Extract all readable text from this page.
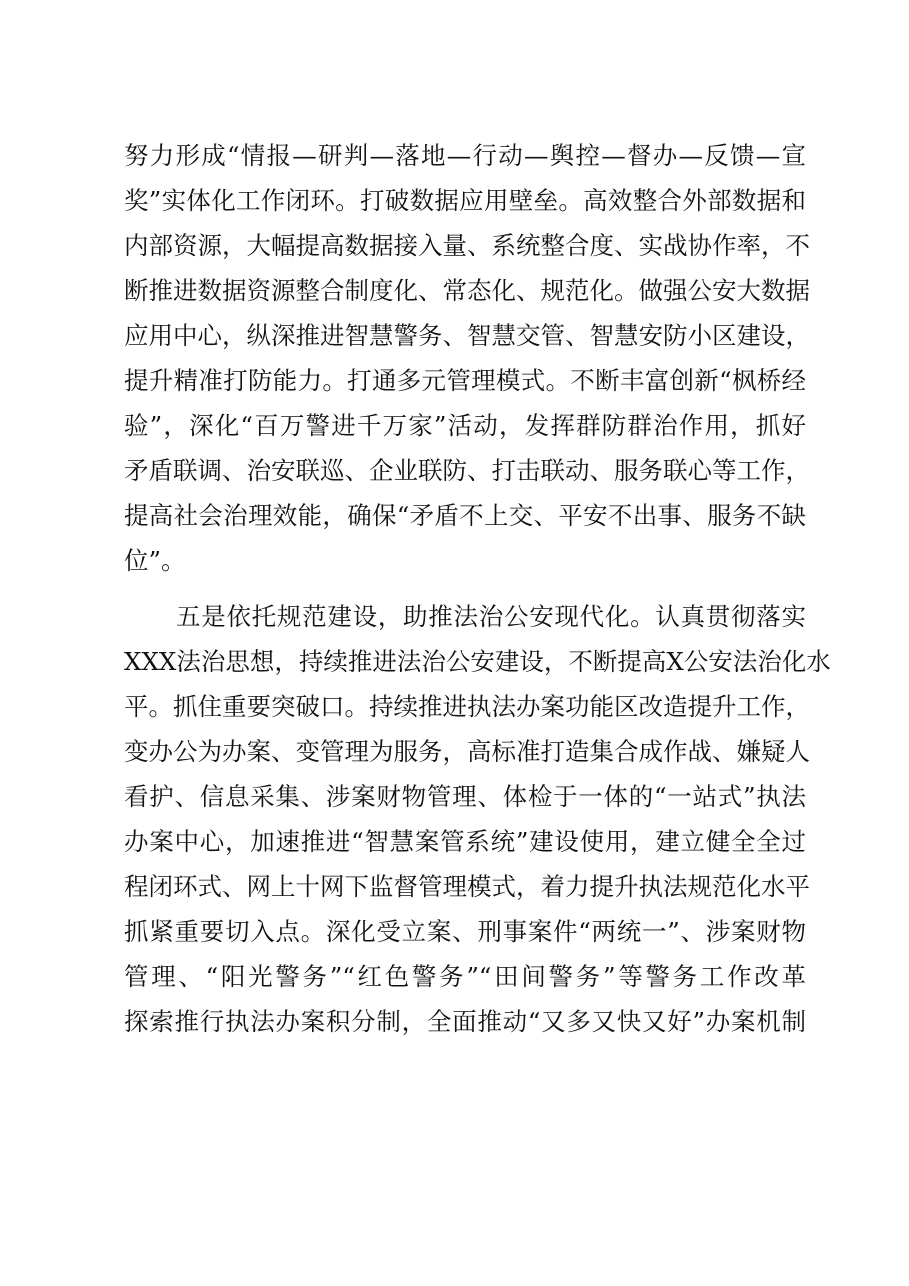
努力形成“情报—研判—落地—行动—舆控—督办—反馈—宣
奖”实体化工作闭环。打破数据应用壁垒。高效整合外部数据和
内部资源，大幅提高数据接入量、系统整合度、实战协作率，不
断推进数据资源整合制度化、常态化、规范化。做强公安大数据
应用中心，纵深推进智慧警务、智慧交管、智慧安防小区建设，
提升精准打防能力。打通多元管理模式。不断丰富创新“枫桥经
验”，深化“百万警进千万家”活动，发挥群防群治作用，抓好
矛盾联调、治安联巡、企业联防、打击联动、服务联心等工作，
提高社会治理效能，确保“矛盾不上交、平安不出事、服务不缺
位”。
五是依托规范建设，助推法治公安现代化。认真贯彻落实
XXX法治思想，持续推进法治公安建设，不断提高X公安法治化水
平。抓住重要突破口。持续推进执法办案功能区改造提升工作，
变办公为办案、变管理为服务，高标准打造集合成作战、嫌疑人
看护、信息采集、涉案财物管理、体检于一体的“一站式”执法
办案中心，加速推进“智慧案管系统”建设使用，建立健全全过
程闭环式、网上十网下监督管理模式，着力提升执法规范化水平
抓紧重要切入点。深化受立案、刑事案件“两统一”、涉案财物
管理、“阳光警务”“红色警务”“田间警务”等警务工作改革
探索推行执法办案积分制，全面推动“又多又快又好”办案机制
